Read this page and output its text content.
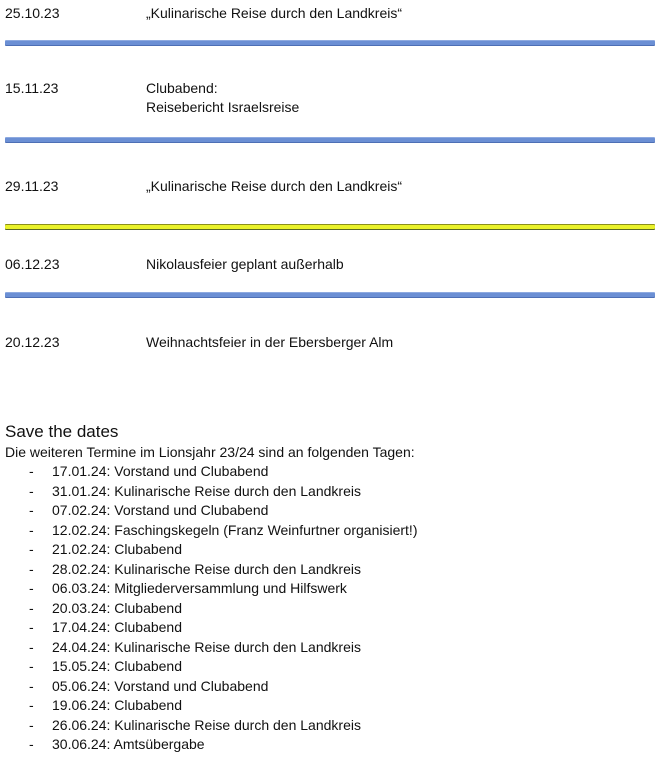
25.10.23	„Kulinarische Reise durch den Landkreis“
15.11.23	Clubabend:
Reisebericht Israelsreise
29.11.23	„Kulinarische Reise durch den Landkreis“
06.12.23	Nikolausfeier geplant außerhalb
20.12.23	Weihnachtsfeier in der Ebersberger Alm
Save the dates
Die weiteren Termine im Lionsjahr 23/24 sind an folgenden Tagen:
- 17.01.24: Vorstand und Clubabend
- 31.01.24: Kulinarische Reise durch den Landkreis
- 07.02.24: Vorstand und Clubabend
- 12.02.24: Faschingskegeln (Franz Weinfurtner organisiert!)
- 21.02.24: Clubabend
- 28.02.24: Kulinarische Reise durch den Landkreis
- 06.03.24: Mitgliederversammlung und Hilfswerk
- 20.03.24: Clubabend
- 17.04.24: Clubabend
- 24.04.24: Kulinarische Reise durch den Landkreis
- 15.05.24: Clubabend
- 05.06.24: Vorstand und Clubabend
- 19.06.24: Clubabend
- 26.06.24: Kulinarische Reise durch den Landkreis
- 30.06.24: Amtsübergabe
